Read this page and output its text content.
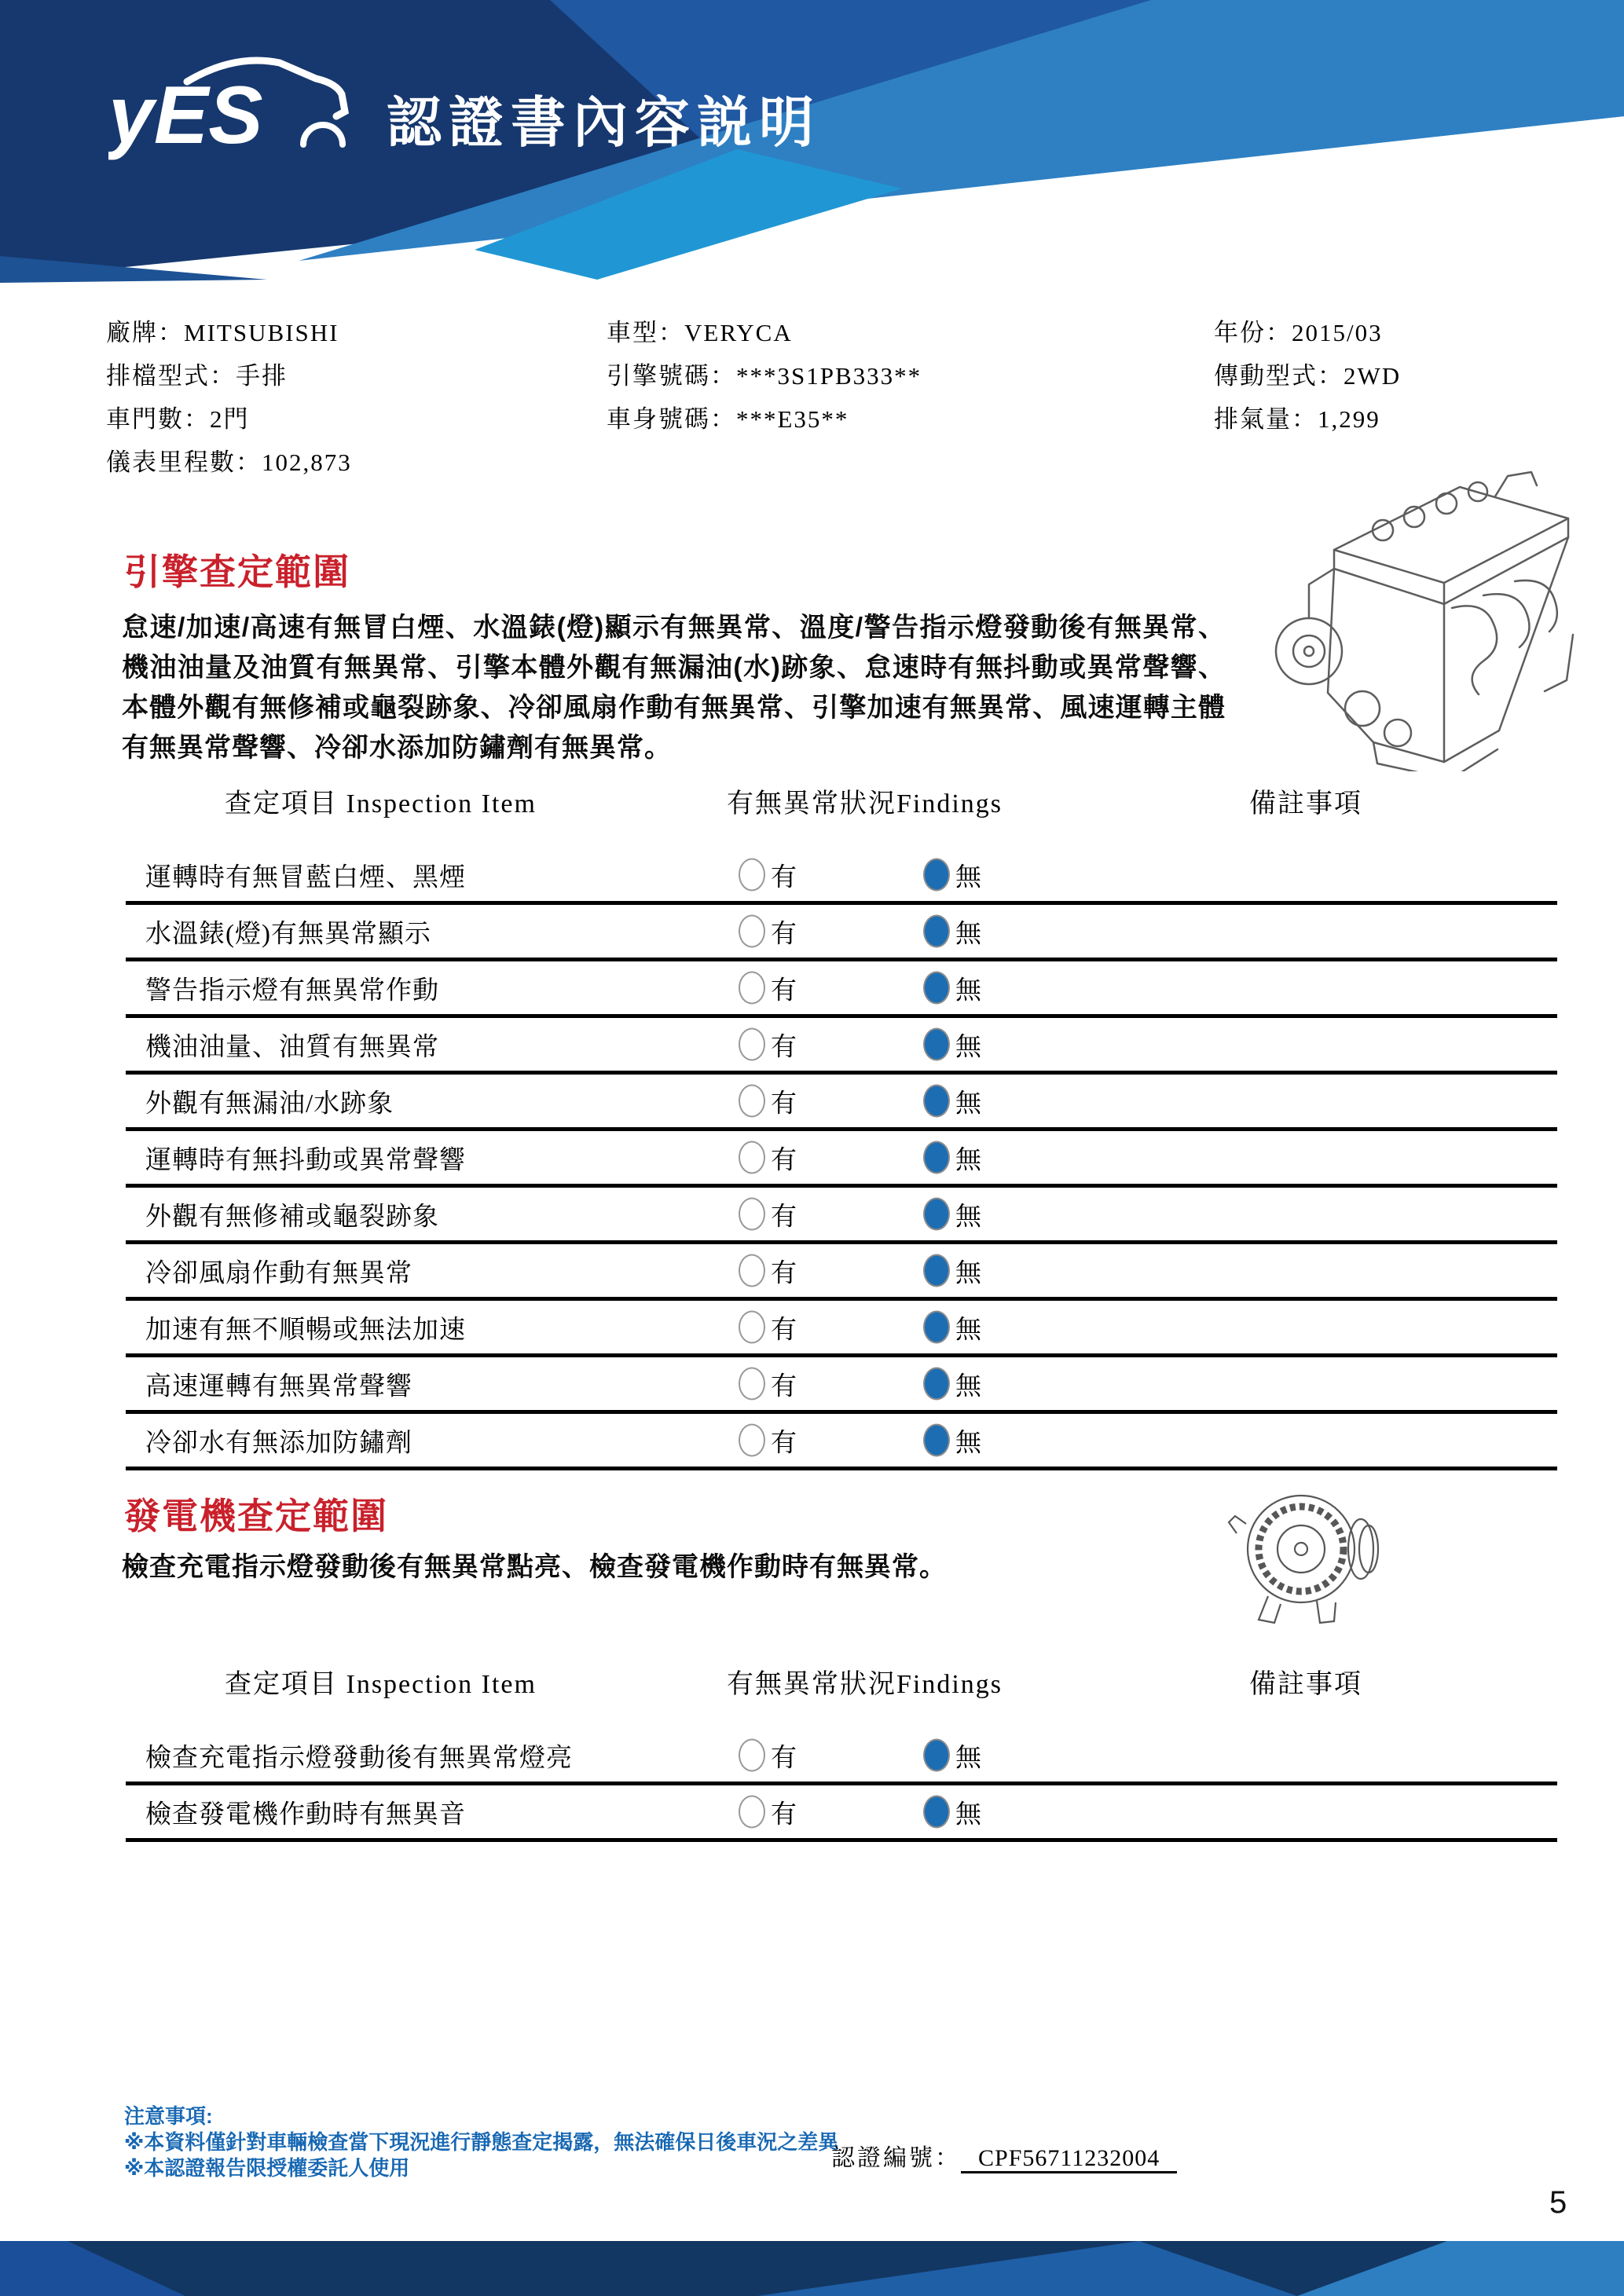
yES 認證書內容説明
廠牌：MITSUBISHI
排檔型式：手排
車門數：2門
儀表里程數：102,873
車型：VERYCA
引擎號碼：***3S1PB333**
車身號碼：***E35**
年份：2015/03
傳動型式：2WD
排氣量：1,299
引擎查定範圍
怠速/加速/高速有無冒白煙、水溫錶(燈)顯示有無異常、溫度/警告指示燈發動後有無異常、機油油量及油質有無異常、引擎本體外觀有無漏油(水)跡象、怠速時有無抖動或異常聲響、本體外觀有無修補或龜裂跡象、冷卻風扇作動有無異常、引擎加速有無異常、風速運轉主體有無異常聲響、冷卻水添加防鏽劑有無異常。
查定項目 Inspection Item	有無異常狀況Findings	備註事項
運轉時有無冒藍白煙、黑煙	有	無
水溫錶(燈)有無異常顯示	有	無
警告指示燈有無異常作動	有	無
機油油量、油質有無異常	有	無
外觀有無漏油/水跡象	有	無
運轉時有無抖動或異常聲響	有	無
外觀有無修補或龜裂跡象	有	無
冷卻風扇作動有無異常	有	無
加速有無不順暢或無法加速	有	無
高速運轉有無異常聲響	有	無
冷卻水有無添加防鏽劑	有	無
發電機查定範圍
檢查充電指示燈發動後有無異常點亮、檢查發電機作動時有無異常。
查定項目 Inspection Item	有無異常狀況Findings	備註事項
檢查充電指示燈發動後有無異常燈亮	有	無
檢查發電機作動時有無異音	有	無
注意事項:
※本資料僅針對車輛檢查當下現況進行靜態查定揭露，無法確保日後車況之差異
※本認證報告限授權委託人使用	認證編號： CPF56711232004
5
